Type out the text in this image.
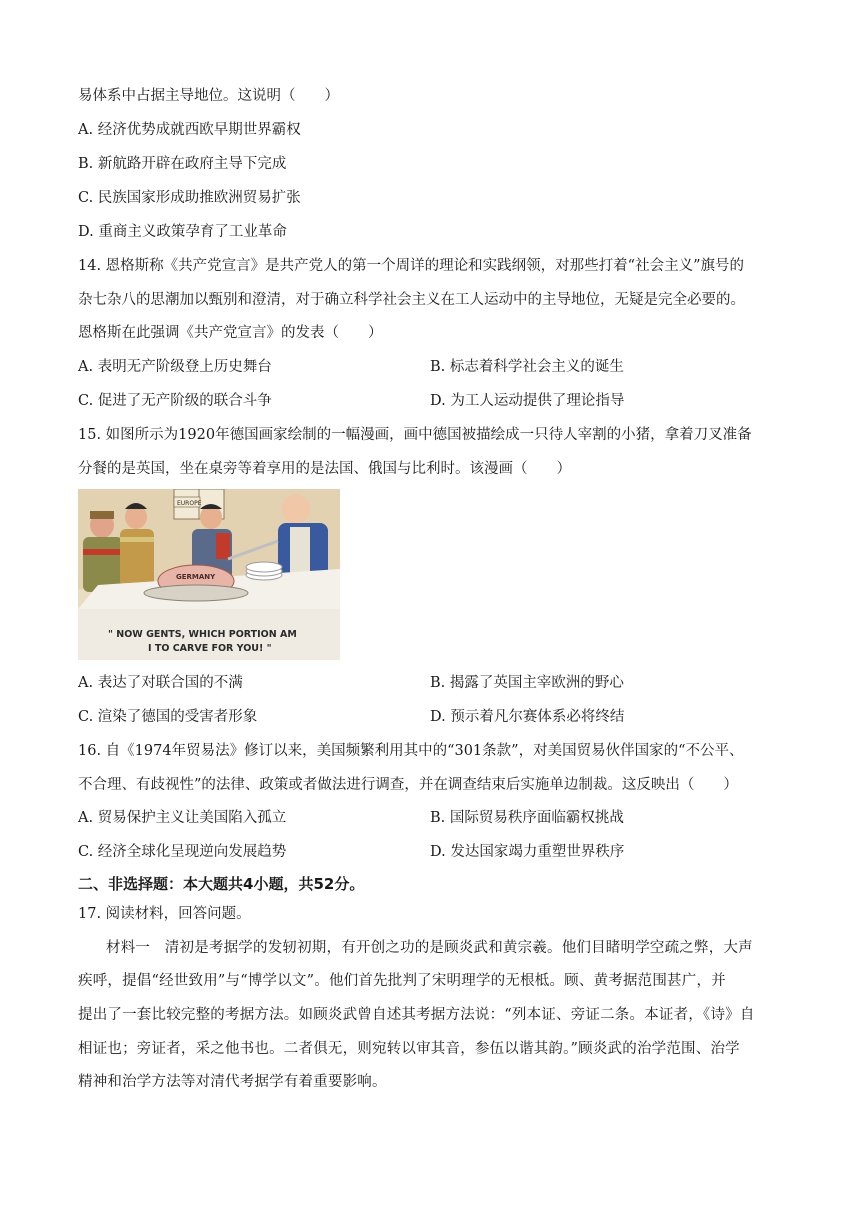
易体系中占据主导地位。这说明（　　）
A. 经济优势成就西欧早期世界霸权
B. 新航路开辟在政府主导下完成
C. 民族国家形成助推欧洲贸易扩张
D. 重商主义政策孕育了工业革命
14. 恩格斯称《共产党宣言》是共产党人的第一个周详的理论和实践纲领，对那些打着“社会主义”旗号的
杂七杂八的思潮加以甄别和澄清，对于确立科学社会主义在工人运动中的主导地位，无疑是完全必要的。
恩格斯在此强调《共产党宣言》的发表（　　）
A. 表明无产阶级登上历史舞台	B. 标志着科学社会主义的诞生
C. 促进了无产阶级的联合斗争	D. 为工人运动提供了理论指导
15. 如图所示为1920年德国画家绘制的一幅漫画，画中德国被描绘成一只待人宰割的小猪，拿着刀叉准备
分餐的是英国，坐在桌旁等着享用的是法国、俄国与比利时。该漫画（　　）
EUROPE
GERMANY
" NOW GENTS, WHICH PORTION AM
I TO CARVE FOR YOU! "
A. 表达了对联合国的不满	B. 揭露了英国主宰欧洲的野心
C. 渲染了德国的受害者形象	D. 预示着凡尔赛体系必将终结
16. 自《1974年贸易法》修订以来，美国频繁利用其中的“301条款”，对美国贸易伙伴国家的“不公平、
不合理、有歧视性”的法律、政策或者做法进行调查，并在调查结束后实施单边制裁。这反映出（　　）
A. 贸易保护主义让美国陷入孤立	B. 国际贸易秩序面临霸权挑战
C. 经济全球化呈现逆向发展趋势	D. 发达国家竭力重塑世界秩序
二、非选择题：本大题共4小题，共52分。
17. 阅读材料，回答问题。
材料一　清初是考据学的发轫初期，有开创之功的是顾炎武和黄宗羲。他们目睹明学空疏之弊，大声
疾呼，提倡“经世致用”与“博学以文”。他们首先批判了宋明理学的无根柢。顾、黄考据范围甚广，并
提出了一套比较完整的考据方法。如顾炎武曾自述其考据方法说：“列本证、旁证二条。本证者，《诗》自
相证也；旁证者，采之他书也。二者俱无，则宛转以审其音，参伍以谐其韵。”顾炎武的治学范围、治学
精神和治学方法等对清代考据学有着重要影响。
